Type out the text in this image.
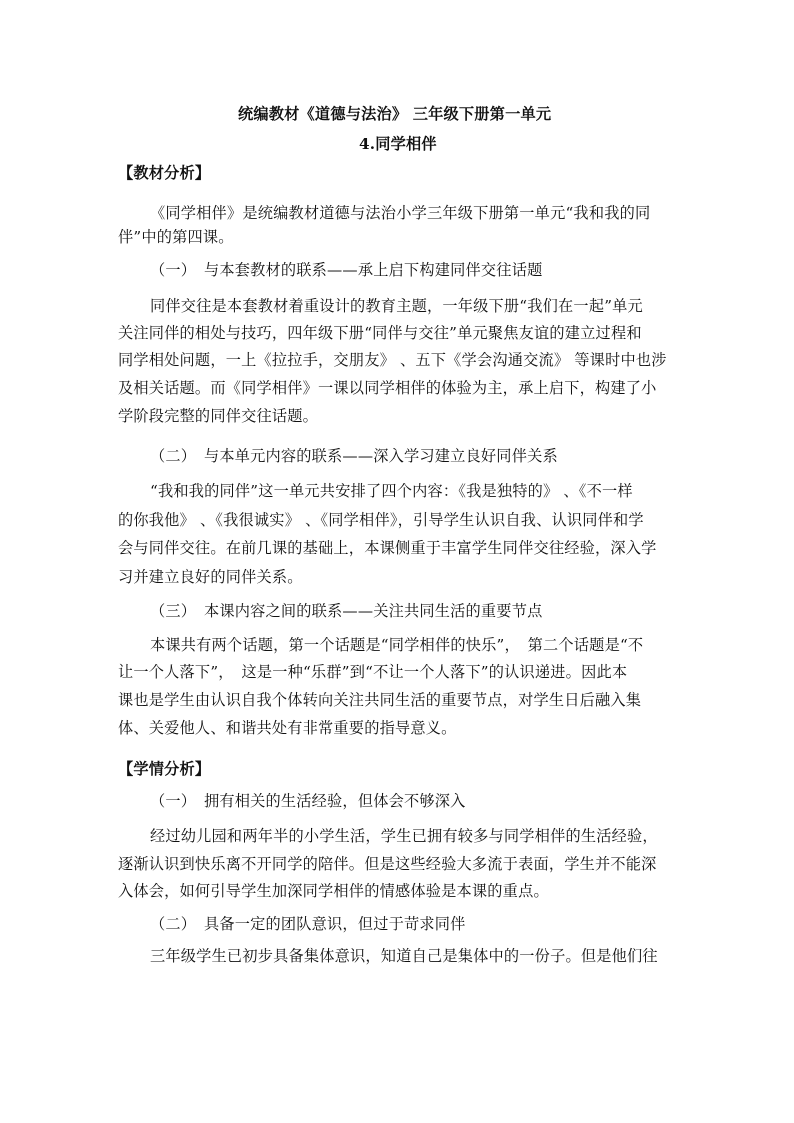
统编教材《道德与法治》 三年级下册第一单元
4.同学相伴
【教材分析】
《同学相伴》是统编教材道德与法治小学三年级下册第一单元“我和我的同
伴”中的第四课。
（一）　与本套教材的联系——承上启下构建同伴交往话题
同伴交往是本套教材着重设计的教育主题，一年级下册“我们在一起”单元
关注同伴的相处与技巧，四年级下册“同伴与交往”单元聚焦友谊的建立过程和
同学相处问题，一上《拉拉手，交朋友》 、五下《学会沟通交流》 等课时中也涉
及相关话题。而《同学相伴》一课以同学相伴的体验为主，承上启下，构建了小
学阶段完整的同伴交往话题。
（二）　与本单元内容的联系——深入学习建立良好同伴关系
“我和我的同伴”这一单元共安排了四个内容：《我是独特的》 、《不一样
的你我他》 、《我很诚实》 、《同学相伴》，引导学生认识自我、认识同伴和学
会与同伴交往。在前几课的基础上，本课侧重于丰富学生同伴交往经验，深入学
习并建立良好的同伴关系。
（三）　本课内容之间的联系——关注共同生活的重要节点
本课共有两个话题，第一个话题是“同学相伴的快乐”，　第二个话题是“不
让一个人落下”，　这是一种“乐群”到“不让一个人落下”的认识递进。因此本
课也是学生由认识自我个体转向关注共同生活的重要节点，对学生日后融入集
体、关爱他人、和谐共处有非常重要的指导意义。
【学情分析】
（一）　拥有相关的生活经验，但体会不够深入
经过幼儿园和两年半的小学生活，学生已拥有较多与同学相伴的生活经验，
逐渐认识到快乐离不开同学的陪伴。但是这些经验大多流于表面，学生并不能深
入体会，如何引导学生加深同学相伴的情感体验是本课的重点。
（二）　具备一定的团队意识，但过于苛求同伴
三年级学生已初步具备集体意识，知道自己是集体中的一份子。但是他们往
